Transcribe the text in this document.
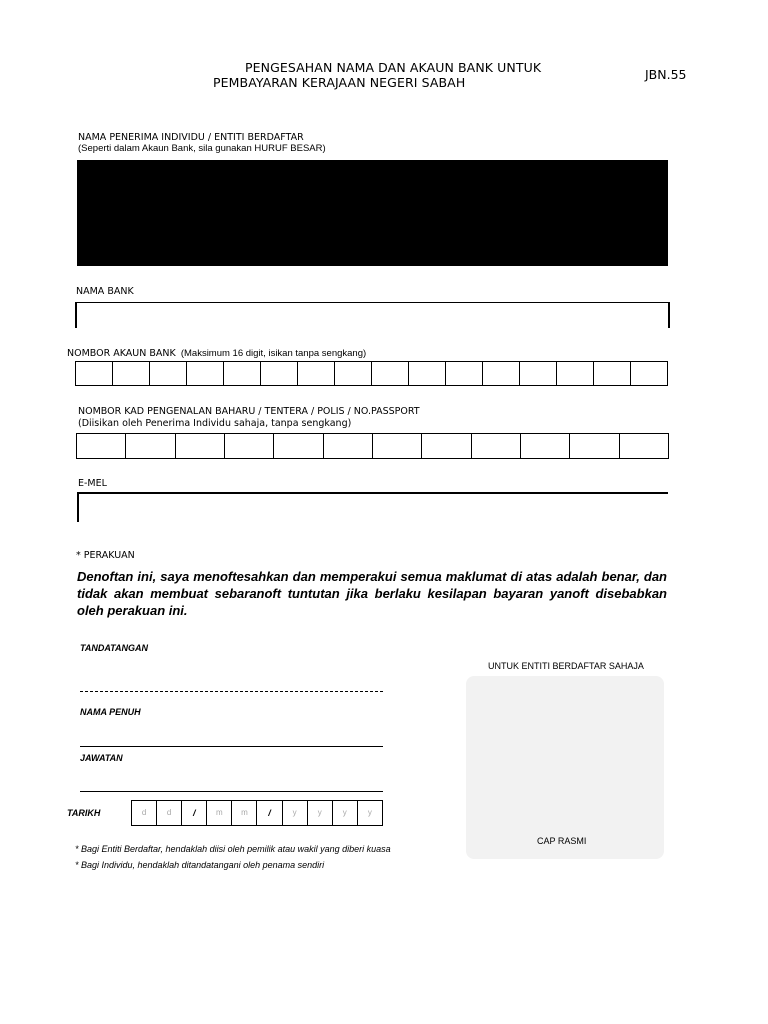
PENGESAHAN NAMA DAN AKAUN BANK UNTUK
PEMBAYARAN KERAJAAN NEGERI SABAH
JBN.55
NAMA PENERIMA INDIVIDU / ENTITI BERDAFTAR
(Seperti dalam Akaun Bank, sila gunakan HURUF BESAR)
NAMA BANK
NOMBOR AKAUN BANK (Maksimum 16 digit, isikan tanpa sengkang)
NOMBOR KAD PENGENALAN BAHARU / TENTERA / POLIS / NO.PASSPORT
(Diisikan oleh Penerima Individu sahaja, tanpa sengkang)
E-MEL
* PERAKUAN
Denoftan ini, saya menoftesahkan dan memperakui semua maklumat di atas adalah benar, dan tidak akan membuat sebaranoft tuntutan jika berlaku kesilapan bayaran yanoft disebabkan oleh perakuan ini.
TANDATANGAN
NAMA PENUH
JAWATAN
TARIKH	d	d	/	m	m	/	y	y	y	y
UNTUK ENTITI BERDAFTAR SAHAJA
CAP RASMI
* Bagi Entiti Berdaftar, hendaklah diisi oleh pemilik atau wakil yang diberi kuasa
* Bagi Individu, hendaklah ditandatangani oleh penama sendiri
